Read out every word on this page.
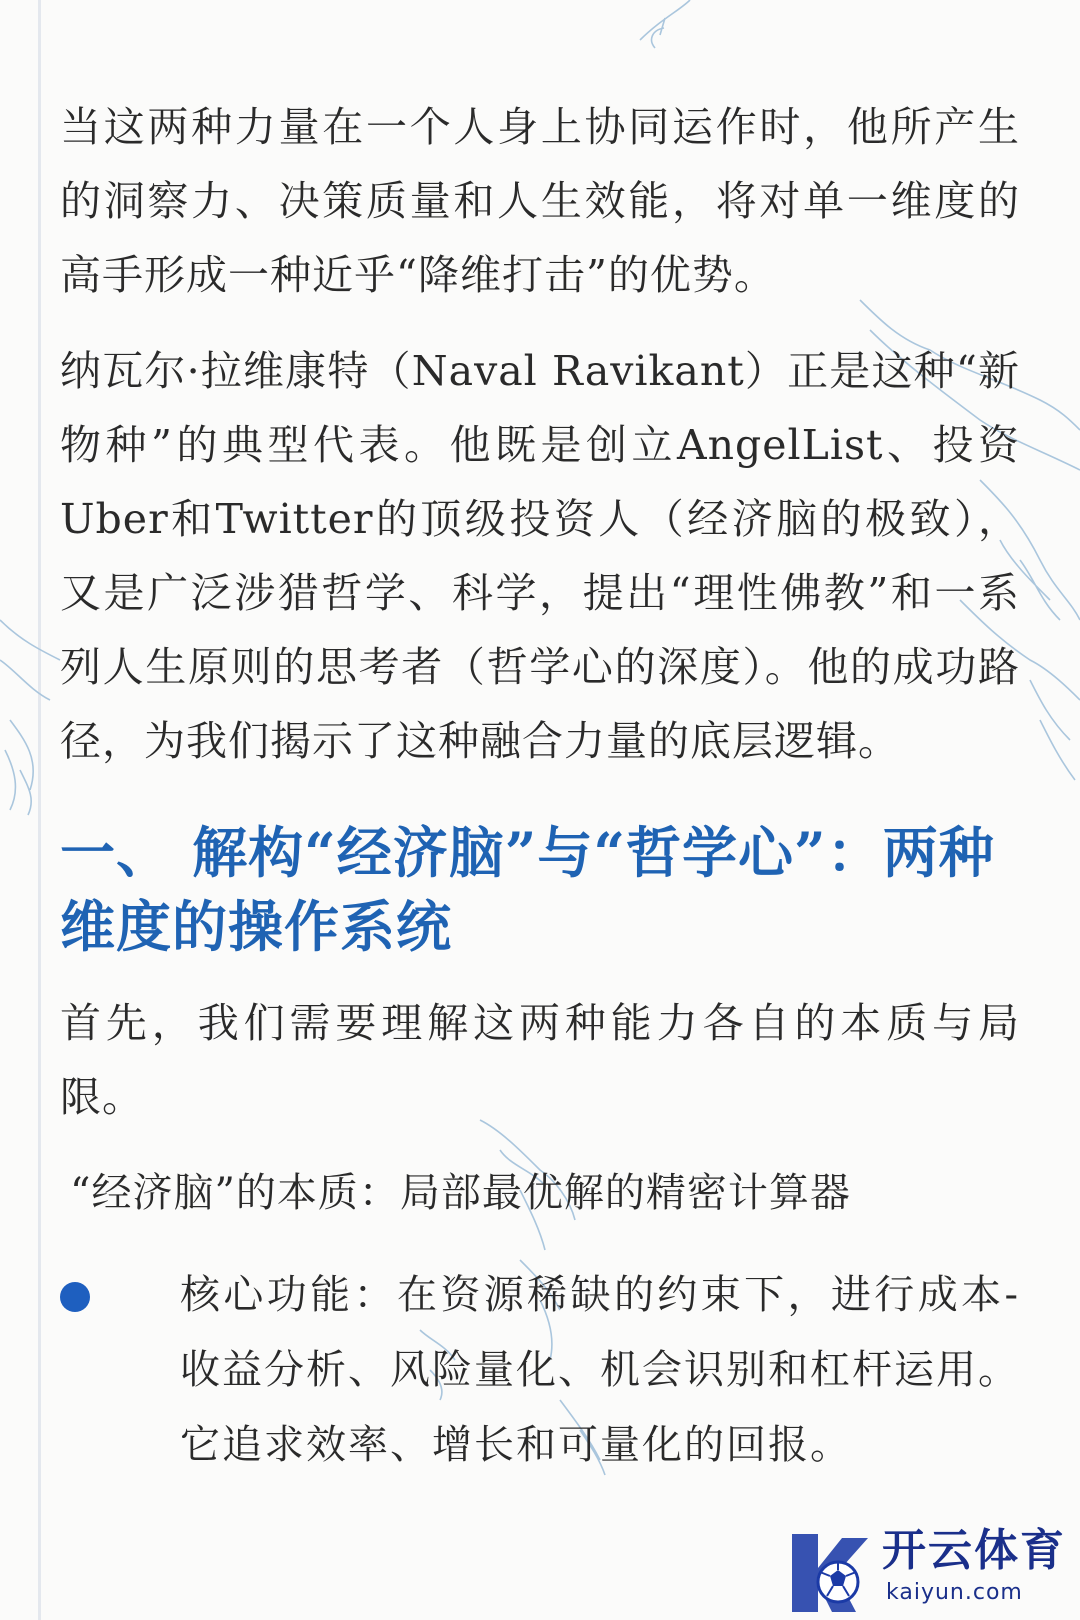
当这两种力量在一个人身上协同运作时，他所产生的洞察力、决策质量和人生效能，将对单一维度的高手形成一种近乎“降维打击”的优势。

纳瓦尔·拉维康特（Naval Ravikant）正是这种“新物种”的典型代表。他既是创立AngelList、投资Uber和Twitter的顶级投资人（经济脑的极致），又是广泛涉猎哲学、科学，提出“理性佛教”和一系列人生原则的思考者（哲学心的深度）。他的成功路径，为我们揭示了这种融合力量的底层逻辑。

一、 解构“经济脑”与“哲学心”：两种维度的操作系统

首先，我们需要理解这两种能力各自的本质与局限。

“经济脑”的本质：局部最优解的精密计算器

核心功能：在资源稀缺的约束下，进行成本-收益分析、风险量化、机会识别和杠杆运用。它追求效率、增长和可量化的回报。

开云体育
kaiyun.com
